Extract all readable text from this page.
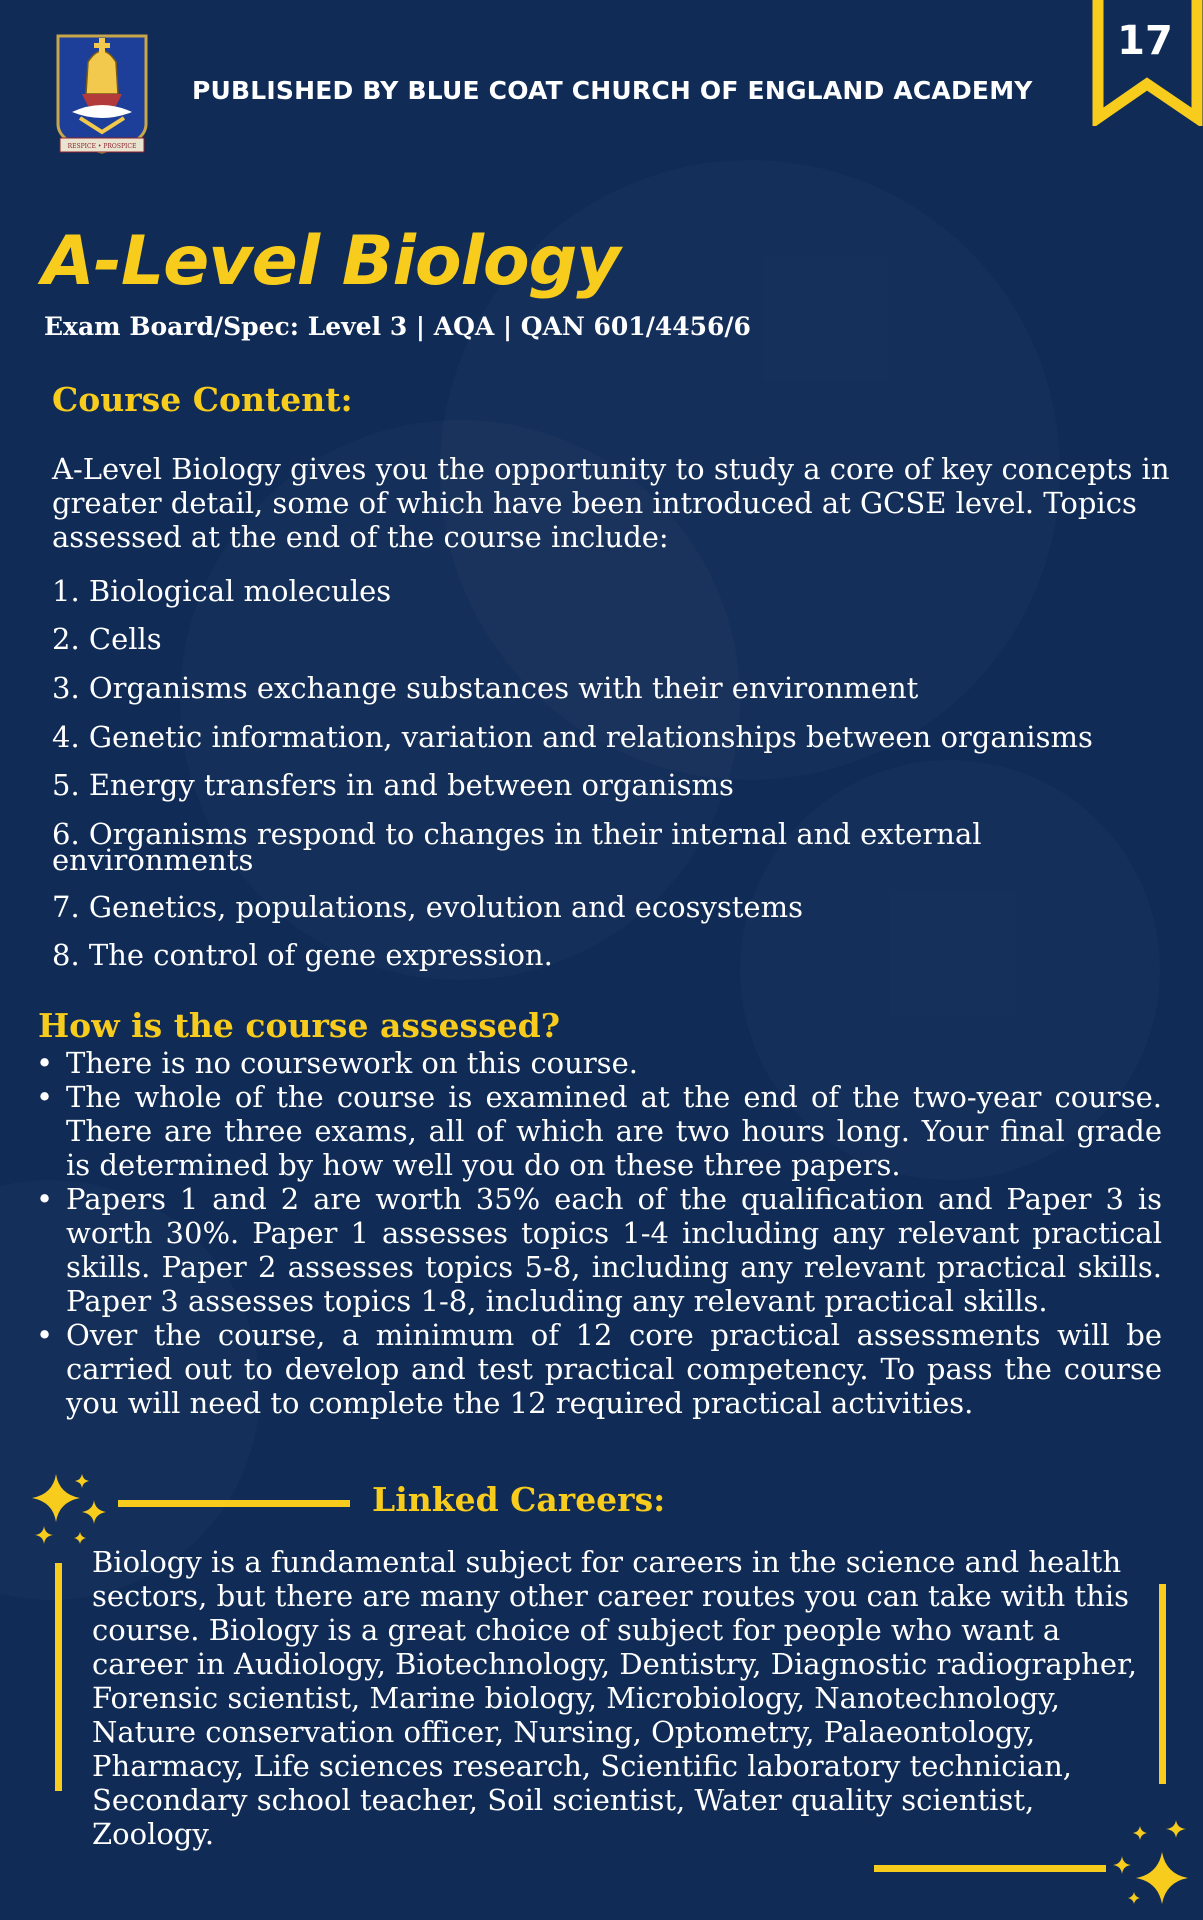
RESPICE • PROSPICE
PUBLISHED BY BLUE COAT CHURCH OF ENGLAND ACADEMY
17
A-Level Biology
Exam Board/Spec: Level 3 | AQA | QAN 601/4456/6
Course Content:
A-Level Biology gives you the opportunity to study a core of key concepts in greater detail, some of which have been introduced at GCSE level. Topics assessed at the end of the course include:
1. Biological molecules
2. Cells
3. Organisms exchange substances with their environment
4. Genetic information, variation and relationships between organisms
5. Energy transfers in and between organisms
6. Organisms respond to changes in their internal and external environments
7. Genetics, populations, evolution and ecosystems
8. The control of gene expression.
How is the course assessed?
• There is no coursework on this course.
• The whole of the course is examined at the end of the two-year course. There are three exams, all of which are two hours long. Your final grade is determined by how well you do on these three papers.
• Papers 1 and 2 are worth 35% each of the qualification and Paper 3 is worth 30%. Paper 1 assesses topics 1-4 including any relevant practical skills. Paper 2 assesses topics 5-8, including any relevant practical skills. Paper 3 assesses topics 1-8, including any relevant practical skills.
• Over the course, a minimum of 12 core practical assessments will be carried out to develop and test practical competency. To pass the course you will need to complete the 12 required practical activities.
Linked Careers:
Biology is a fundamental subject for careers in the science and health sectors, but there are many other career routes you can take with this course. Biology is a great choice of subject for people who want a career in Audiology, Biotechnology, Dentistry, Diagnostic radiographer, Forensic scientist, Marine biology, Microbiology, Nanotechnology, Nature conservation officer, Nursing, Optometry, Palaeontology, Pharmacy, Life sciences research, Scientific laboratory technician, Secondary school teacher, Soil scientist, Water quality scientist, Zoology.
